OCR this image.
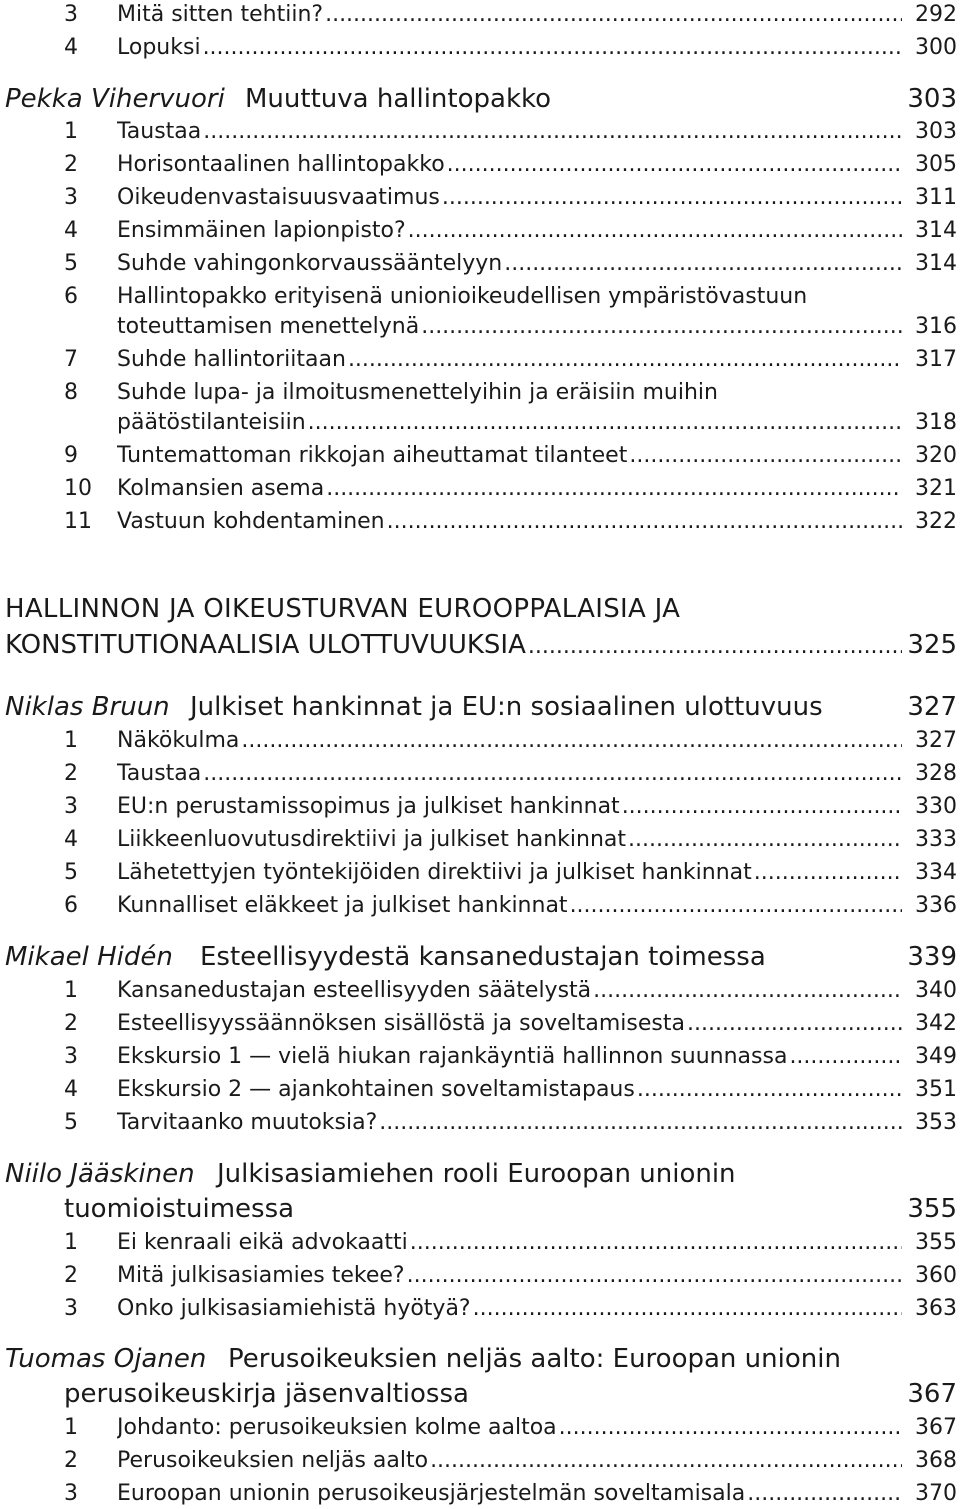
3 Mitä sitten tehtiin? .....	292
4 Lopuksi .....	300
Pekka Vihervuori Muuttuva hallintopakko	303
1 Taustaa .....	303
2 Horisontaalinen hallintopakko .....	305
3 Oikeudenvastaisuusvaatimus .....	311
4 Ensimmäinen lapionpisto? .....	314
5 Suhde vahingonkorvaussääntelyyn .....	314
6 Hallintopakko erityisenä unionioikeudellisen ympäristövastuun
toteuttamisen menettelynä .....	316
7 Suhde hallintoriitaan .....	317
8 Suhde lupa- ja ilmoitusmenettelyihin ja eräisiin muihin
päätöstilanteisiin .....	318
9 Tuntemattoman rikkojan aiheuttamat tilanteet .....	320
10 Kolmansien asema .....	321
11 Vastuun kohdentaminen .....	322
HALLINNON JA OIKEUSTURVAN EUROOPPALAISIA JA
KONSTITUTIONAALISIA ULOTTUVUUKSIA .....	325
Niklas Bruun Julkiset hankinnat ja EU:n sosiaalinen ulottuvuus	327
1 Näkökulma .....	327
2 Taustaa .....	328
3 EU:n perustamissopimus ja julkiset hankinnat .....	330
4 Liikkeenluovutusdirektiivi ja julkiset hankinnat .....	333
5 Lähetettyjen työntekijöiden direktiivi ja julkiset hankinnat .....	334
6 Kunnalliset eläkkeet ja julkiset hankinnat .....	336
Mikael Hidén Esteellisyydestä kansanedustajan toimessa	339
1 Kansanedustajan esteellisyyden säätelystä .....	340
2 Esteellisyyssäännöksen sisällöstä ja soveltamisesta .....	342
3 Ekskursio 1 — vielä hiukan rajankäyntiä hallinnon suunnassa .....	349
4 Ekskursio 2 — ajankohtainen soveltamistapaus .....	351
5 Tarvitaanko muutoksia? .....	353
Niilo Jääskinen Julkisasiamiehen rooli Euroopan unionin
tuomioistuimessa	355
1 Ei kenraali eikä advokaatti .....	355
2 Mitä julkisasiamies tekee? .....	360
3 Onko julkisasiamiehistä hyötyä? .....	363
Tuomas Ojanen Perusoikeuksien neljäs aalto: Euroopan unionin
perusoikeuskirja jäsenvaltiossa	367
1 Johdanto: perusoikeuksien kolme aaltoa .....	367
2 Perusoikeuksien neljäs aalto .....	368
3 Euroopan unionin perusoikeusjärjestelmän soveltamisala .....	370
